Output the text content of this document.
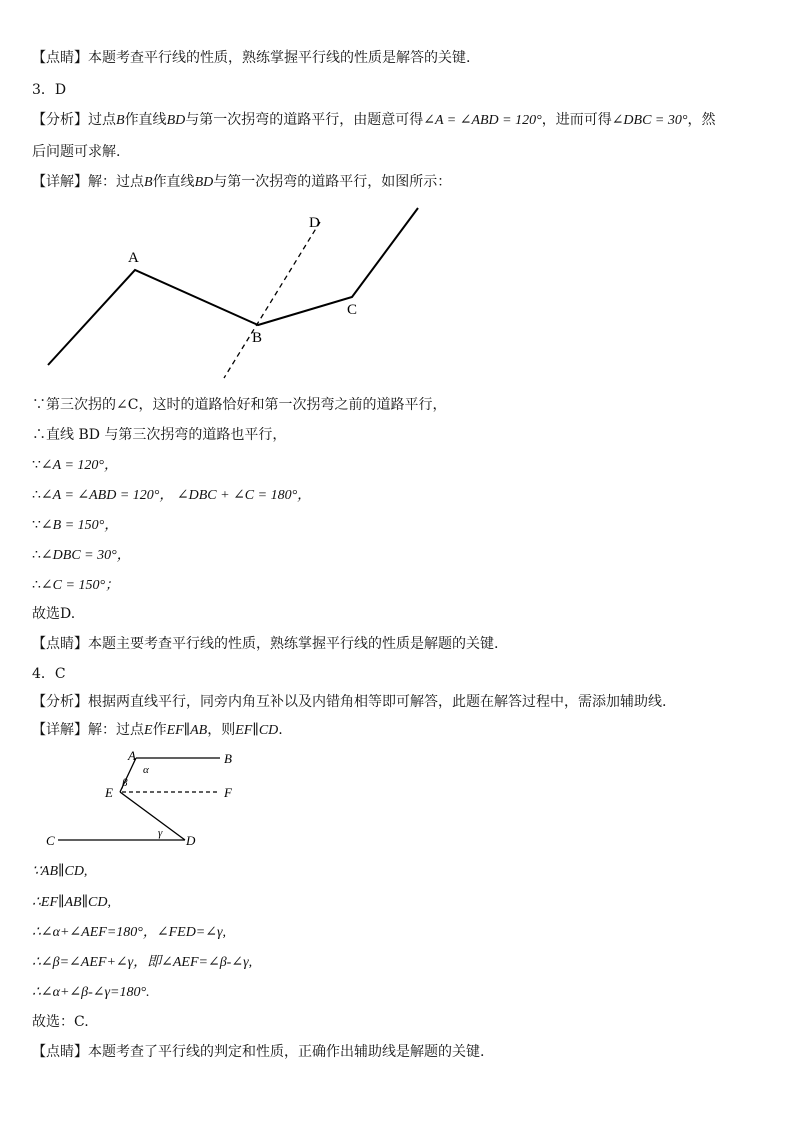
【点睛】本题考查平行线的性质，熟练掌握平行线的性质是解答的关键.
3．D
【分析】过点B作直线BD与第一次拐弯的道路平行，由题意可得∠A = ∠ABD = 120°，进而可得∠DBC = 30°，然
后问题可求解.
【详解】解：过点B作直线BD与第一次拐弯的道路平行，如图所示：
A
B
C
D
∵第三次拐的∠C，这时的道路恰好和第一次拐弯之前的道路平行，
∴直线 BD 与第三次拐弯的道路也平行，
∵∠A = 120°，
∴∠A = ∠ABD = 120°， ∠DBC + ∠C = 180°，
∵∠B = 150°，
∴∠DBC = 30°，
∴∠C = 150°；
故选D.
【点睛】本题主要考查平行线的性质，熟练掌握平行线的性质是解题的关键.
4．C
【分析】根据两直线平行，同旁内角互补以及内错角相等即可解答，此题在解答过程中，需添加辅助线.
【详解】解：过点E作EF∥AB，则EF∥CD.
A	B
C	D
E	F
α
β
γ
∵AB∥CD,
∴EF∥AB∥CD,
∴∠α+∠AEF=180°，∠FED=∠γ,
∴∠β=∠AEF+∠γ，即∠AEF=∠β-∠γ,
∴∠α+∠β-∠γ=180°.
故选：C.
【点睛】本题考查了平行线的判定和性质，正确作出辅助线是解题的关键.
